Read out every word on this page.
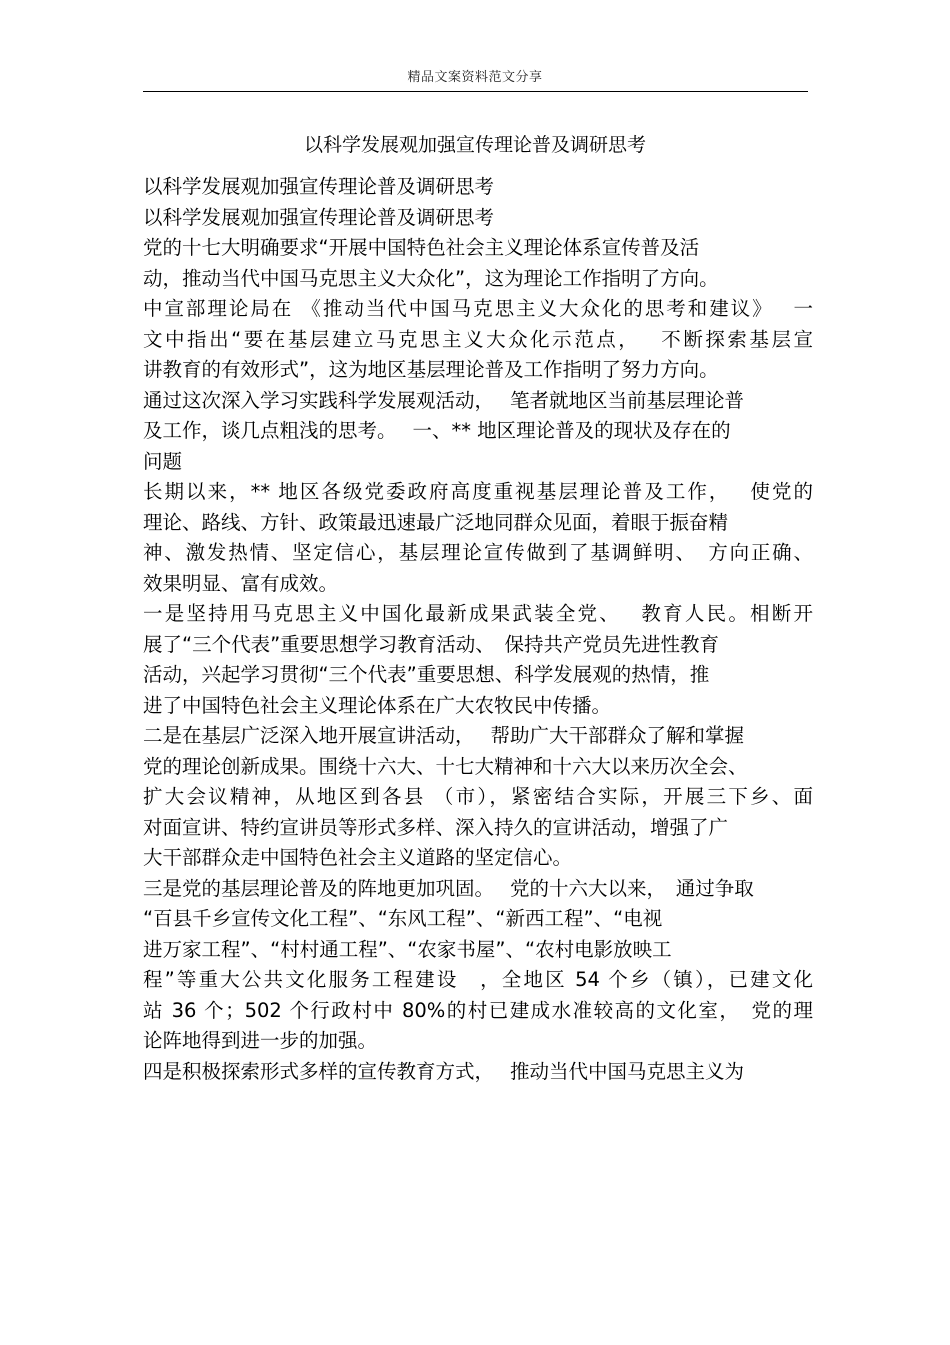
精品文案资料范文分享
以科学发展观加强宣传理论普及调研思考
以科学发展观加强宣传理论普及调研思考
以科学发展观加强宣传理论普及调研思考
党的十七大明确要求“开展中国特色社会主义理论体系宣传普及活
动，推动当代中国马克思主义大众化”，这为理论工作指明了方向。
中宣部理论局在 《推动当代中国马克思主义大众化的思考和建议》　 一
文中指出“要在基层建立马克思主义大众化示范点，　 不断探索基层宣
讲教育的有效形式”，这为地区基层理论普及工作指明了努力方向。
通过这次深入学习实践科学发展观活动，　 笔者就地区当前基层理论普
及工作，谈几点粗浅的思考。　 一、** 地区理论普及的现状及存在的
问题
长期以来，** 地区各级党委政府高度重视基层理论普及工作，　 使党的
理论、路线、方针、政策最迅速最广泛地同群众见面，着眼于振奋精
神、激发热情、坚定信心，基层理论宣传做到了基调鲜明、　方向正确、
效果明显、富有成效。
一是坚持用马克思主义中国化最新成果武装全党、　 教育人民。相断开
展了“三个代表”重要思想学习教育活动、　保持共产党员先进性教育
活动，兴起学习贯彻“三个代表”重要思想、科学发展观的热情，推
进了中国特色社会主义理论体系在广大农牧民中传播。
二是在基层广泛深入地开展宣讲活动，　 帮助广大干部群众了解和掌握
党的理论创新成果。围绕十六大、十七大精神和十六大以来历次全会、
扩大会议精神，从地区到各县 （市），紧密结合实际，开展三下乡、面
对面宣讲、特约宣讲员等形式多样、深入持久的宣讲活动，增强了广
大干部群众走中国特色社会主义道路的坚定信心。
三是党的基层理论普及的阵地更加巩固。　 党的十六大以来，　通过争取
“百县千乡宣传文化工程”、“东风工程”、“新西工程”、“电视
进万家工程”、“村村通工程”、“农家书屋”、“农村电影放映工
程”等重大公共文化服务工程建设　，全地区 54 个乡（镇），已建文化
站 36 个；502 个行政村中 80%的村已建成水准较高的文化室，　党的理
论阵地得到进一步的加强。
四是积极探索形式多样的宣传教育方式，　 推动当代中国马克思主义为
